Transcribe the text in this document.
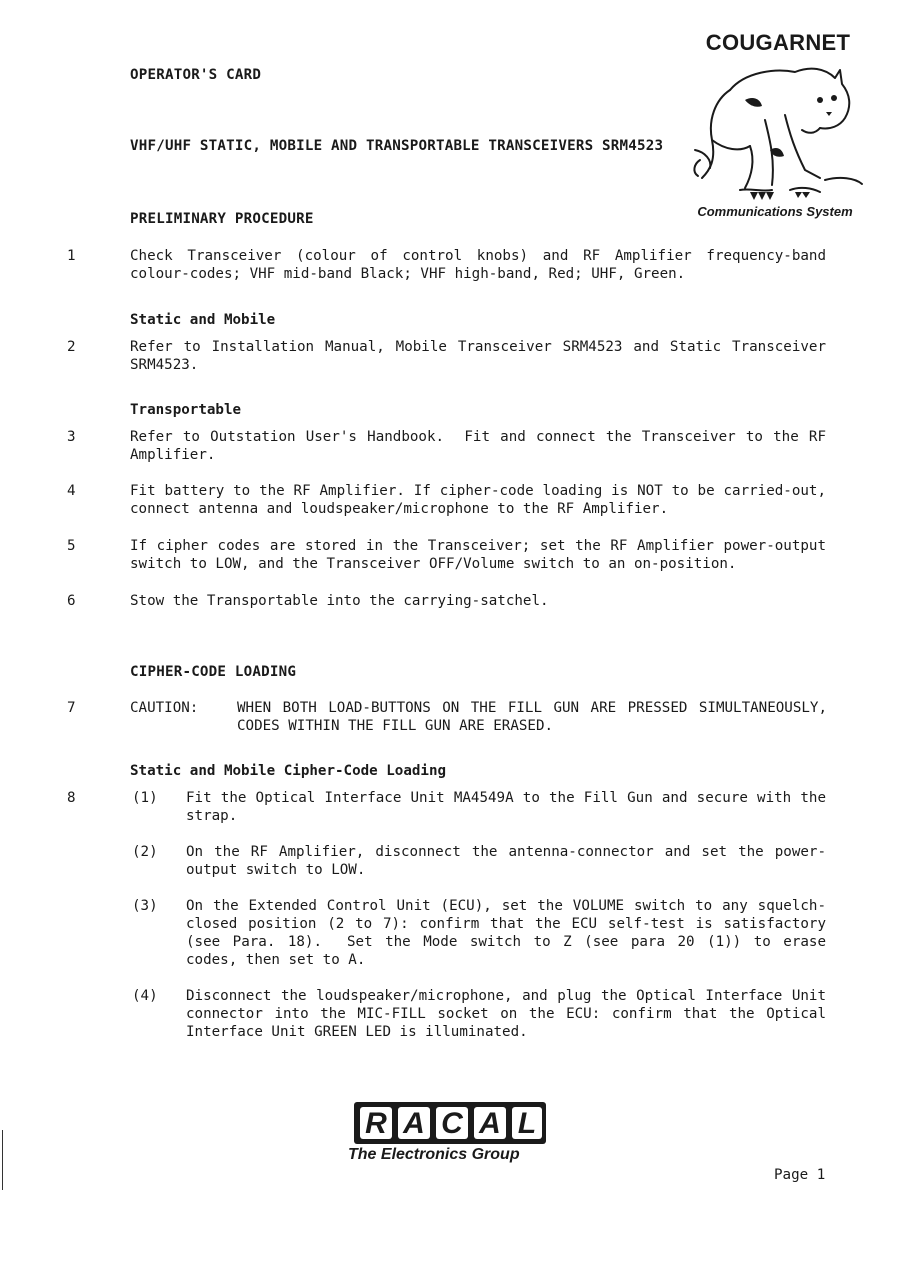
OPERATOR'S CARD
VHF/UHF STATIC, MOBILE AND TRANSPORTABLE TRANSCEIVERS SRM4523
COUGARNET
Communications System
PRELIMINARY PROCEDURE
1	Check Transceiver (colour of control knobs) and RF Amplifier frequency-band colour-codes; VHF mid-band Black; VHF high-band, Red; UHF, Green.
Static and Mobile
2	Refer to Installation Manual, Mobile Transceiver SRM4523 and Static Transceiver SRM4523.
Transportable
3	Refer to Outstation User's Handbook.  Fit and connect the Transceiver to the RF Amplifier.
4	Fit battery to the RF Amplifier. If cipher-code loading is NOT to be carried-out, connect antenna and loudspeaker/microphone to the RF Amplifier.
5	If cipher codes are stored in the Transceiver; set the RF Amplifier power-output switch to LOW, and the Transceiver OFF/Volume switch to an on-position.
6	Stow the Transportable into the carrying-satchel.
CIPHER-CODE LOADING
7	CAUTION:	WHEN BOTH LOAD-BUTTONS ON THE FILL GUN ARE PRESSED SIMULTANEOUSLY, CODES WITHIN THE FILL GUN ARE ERASED.
Static and Mobile Cipher-Code Loading
8	(1) Fit the Optical Interface Unit MA4549A to the Fill Gun and secure with the strap.
(2) On the RF Amplifier, disconnect the antenna-connector and set the power-output switch to LOW.
(3) On the Extended Control Unit (ECU), set the VOLUME switch to any squelch-closed position (2 to 7): confirm that the ECU self-test is satisfactory (see Para. 18).  Set the Mode switch to Z (see para 20 (1)) to erase codes, then set to A.
(4) Disconnect the loudspeaker/microphone, and plug the Optical Interface Unit connector into the MIC-FILL socket on the ECU: confirm that the Optical Interface Unit GREEN LED is illuminated.
R A C A L
The Electronics Group
Page 1
